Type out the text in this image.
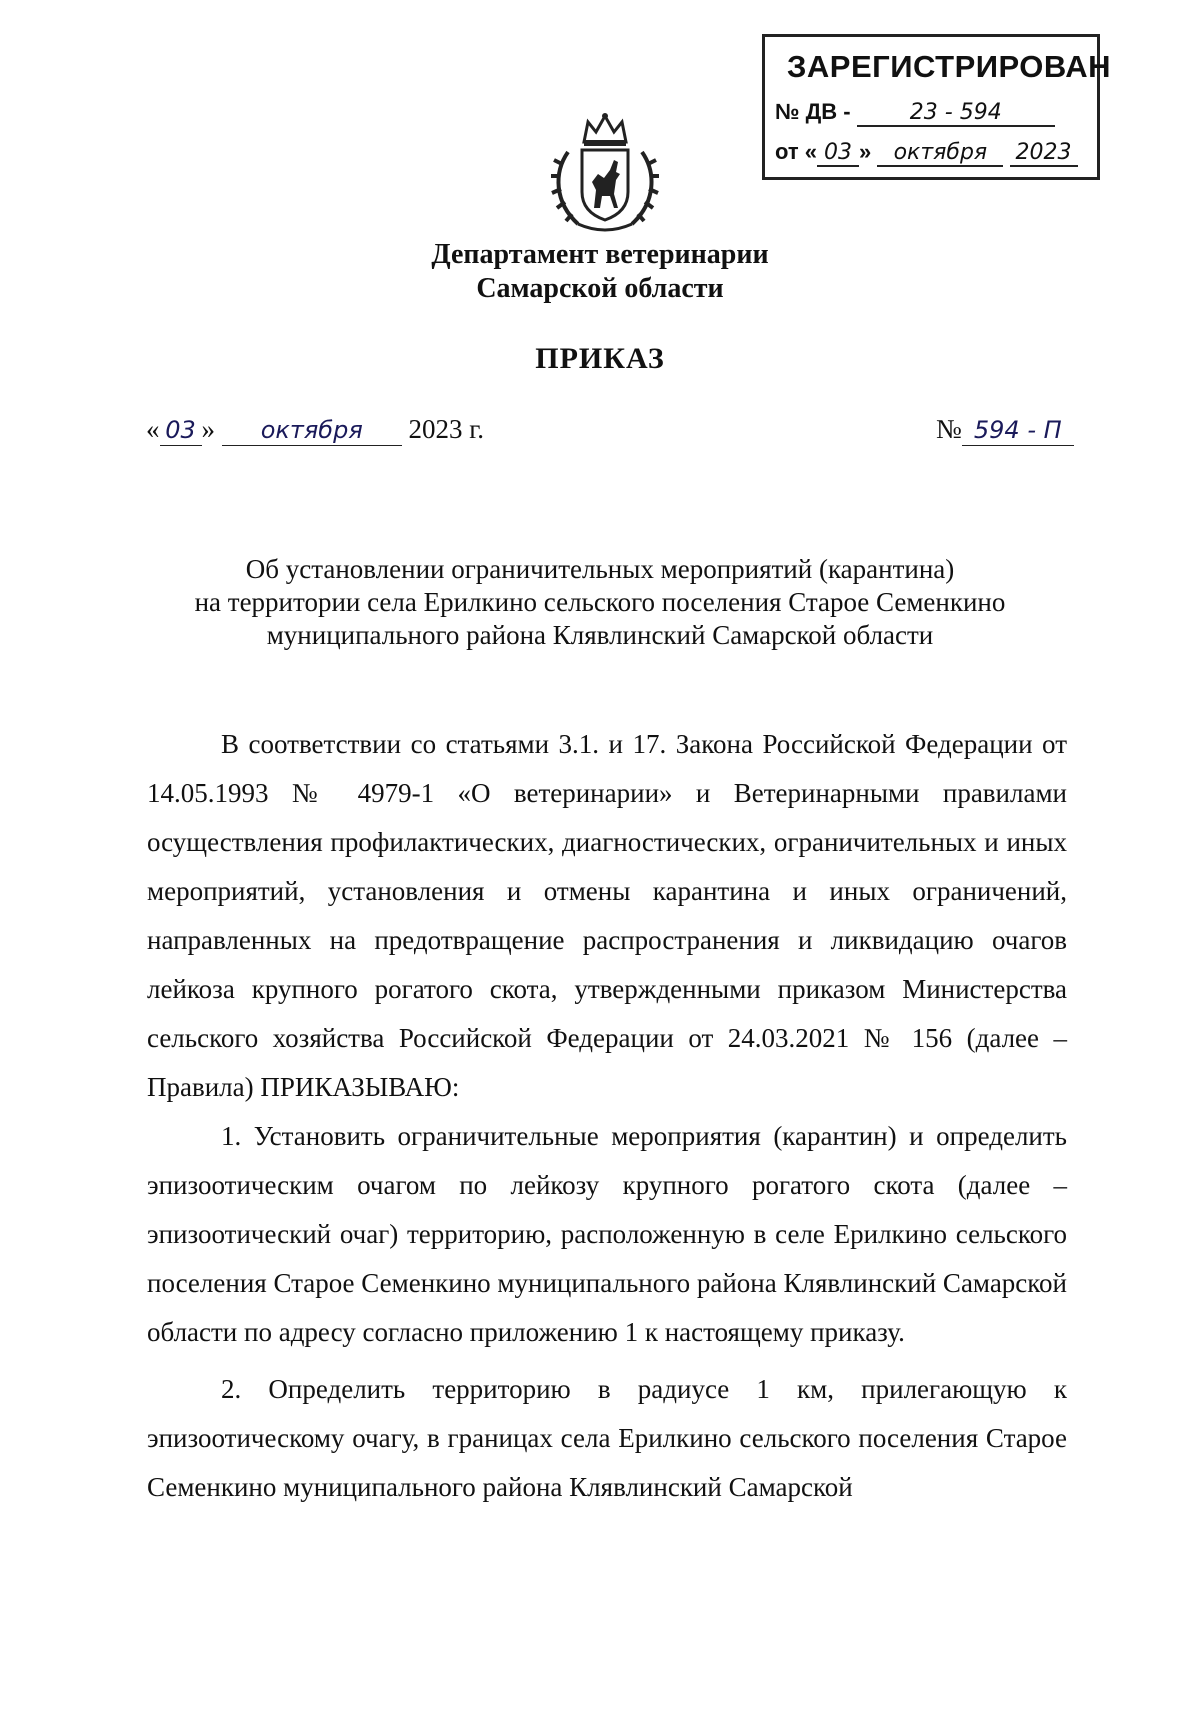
ЗАРЕГИСТРИРОВАН
№ ДВ -	23 - 594
от « 03 » октября 2023
Департамент ветеринарии
Самарской области
ПРИКАЗ
« 03 » октября 2023 г.	№ 594 - П
Об установлении ограничительных мероприятий (карантина)
на территории села Ерилкино сельского поселения Старое Семенкино
муниципального района Клявлинский Самарской области

В соответствии со статьями 3.1. и 17. Закона Российской Федерации от 14.05.1993 № 4979-1 «О ветеринарии» и Ветеринарными правилами осуществления профилактических, диагностических, ограничительных и иных мероприятий, установления и отмены карантина и иных ограничений, направленных на предотвращение распространения и ликвидацию очагов лейкоза крупного рогатого скота, утвержденными приказом Министерства сельского хозяйства Российской Федерации от 24.03.2021 № 156 (далее – Правила) ПРИКАЗЫВАЮ:

1. Установить ограничительные мероприятия (карантин) и определить эпизоотическим очагом по лейкозу крупного рогатого скота (далее – эпизоотический очаг) территорию, расположенную в селе Ерилкино сельского поселения Старое Семенкино муниципального района Клявлинский Самарской области по адресу согласно приложению 1 к настоящему приказу.

2. Определить территорию в радиусе 1 км, прилегающую к эпизоотическому очагу, в границах села Ерилкино сельского поселения Старое Семенкино муниципального района Клявлинский Самарской
